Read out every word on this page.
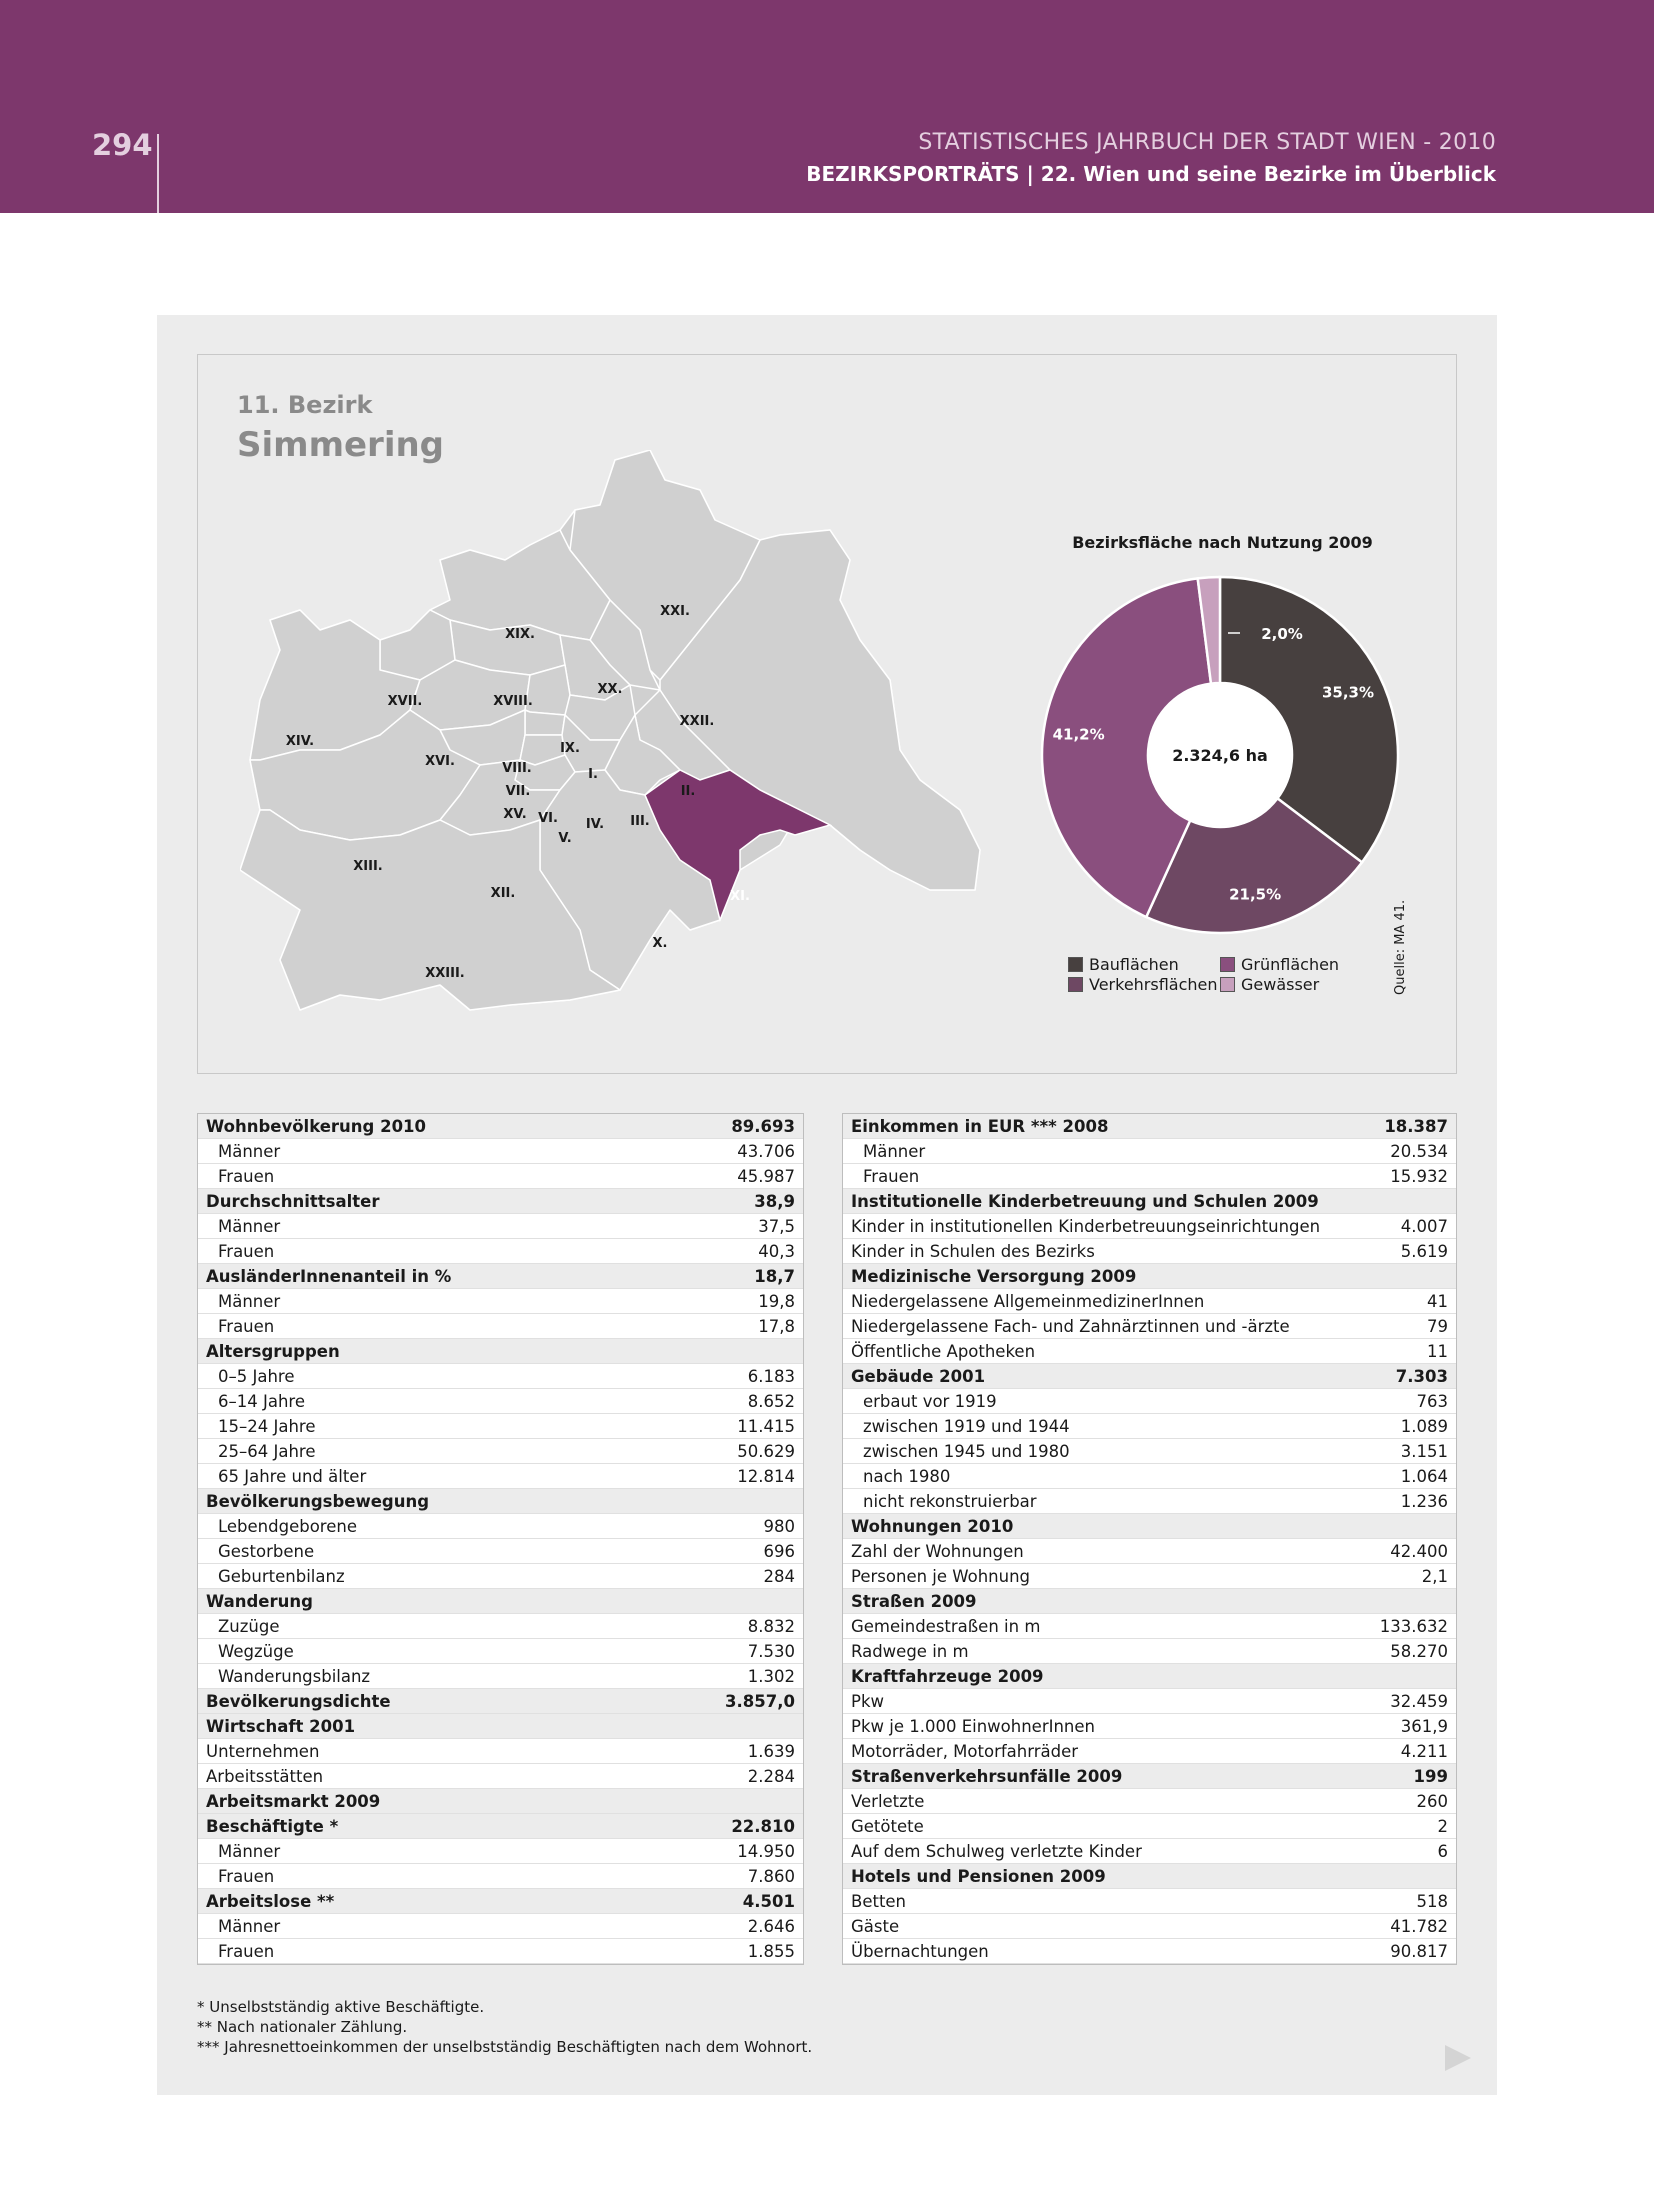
294	STATISTISCHES JAHRBUCH DER STADT WIEN - 2010
BEZIRKSPORTRÄTS | 22. Wien und seine Bezirke im Überblick
11. Bezirk
Simmering
XXI.
XIX.
XX.
XVII.	XVIII.
XXII.
XIV.	IX.
XVI.	VIII.	I.
VII.	II.
XV. VI. IV. III.
V.
XIII.
XI.
XII.
X.
XXIII.
Bezirksfläche nach Nutzung 2009
35,3%
21,5%
41,2%
2,0%
2.324,6 ha
Bauflächen	Grünflächen
Verkehrsflächen	Gewässer	Quelle: MA 41.
Wohnbevölkerung 2010	89.693
Männer	43.706
Frauen	45.987
Durchschnittsalter	38,9
Männer	37,5
Frauen	40,3
AusländerInnenanteil in %	18,7
Männer	19,8
Frauen	17,8
Altersgruppen
0–5 Jahre	6.183
6–14 Jahre	8.652
15–24 Jahre	11.415
25–64 Jahre	50.629
65 Jahre und älter	12.814
Bevölkerungsbewegung
Lebendgeborene	980
Gestorbene	696
Geburtenbilanz	284
Wanderung
Zuzüge	8.832
Wegzüge	7.530
Wanderungsbilanz	1.302
Bevölkerungsdichte	3.857,0
Wirtschaft 2001
Unternehmen	1.639
Arbeitsstätten	2.284
Arbeitsmarkt 2009
Beschäftigte *	22.810
Männer	14.950
Frauen	7.860
Arbeitslose **	4.501
Männer	2.646
Frauen	1.855
Einkommen in EUR *** 2008	18.387
Männer	20.534
Frauen	15.932
Institutionelle Kinderbetreuung und Schulen 2009
Kinder in institutionellen Kinderbetreuungseinrichtungen	4.007
Kinder in Schulen des Bezirks	5.619
Medizinische Versorgung 2009
Niedergelassene AllgemeinmedizinerInnen	41
Niedergelassene Fach- und Zahnärztinnen und -ärzte	79
Öffentliche Apotheken	11
Gebäude 2001	7.303
erbaut vor 1919	763
zwischen 1919 und 1944	1.089
zwischen 1945 und 1980	3.151
nach 1980	1.064
nicht rekonstruierbar	1.236
Wohnungen 2010
Zahl der Wohnungen	42.400
Personen je Wohnung	2,1
Straßen 2009
Gemeindestraßen in m	133.632
Radwege in m	58.270
Kraftfahrzeuge 2009
Pkw	32.459
Pkw je 1.000 EinwohnerInnen	361,9
Motorräder, Motorfahrräder	4.211
Straßenverkehrsunfälle 2009	199
Verletzte	260
Getötete	2
Auf dem Schulweg verletzte Kinder	6
Hotels und Pensionen 2009
Betten	518
Gäste	41.782
Übernachtungen	90.817
* Unselbstständig aktive Beschäftigte.
** Nach nationaler Zählung.
*** Jahresnettoeinkommen der unselbstständig Beschäftigten nach dem Wohnort.
